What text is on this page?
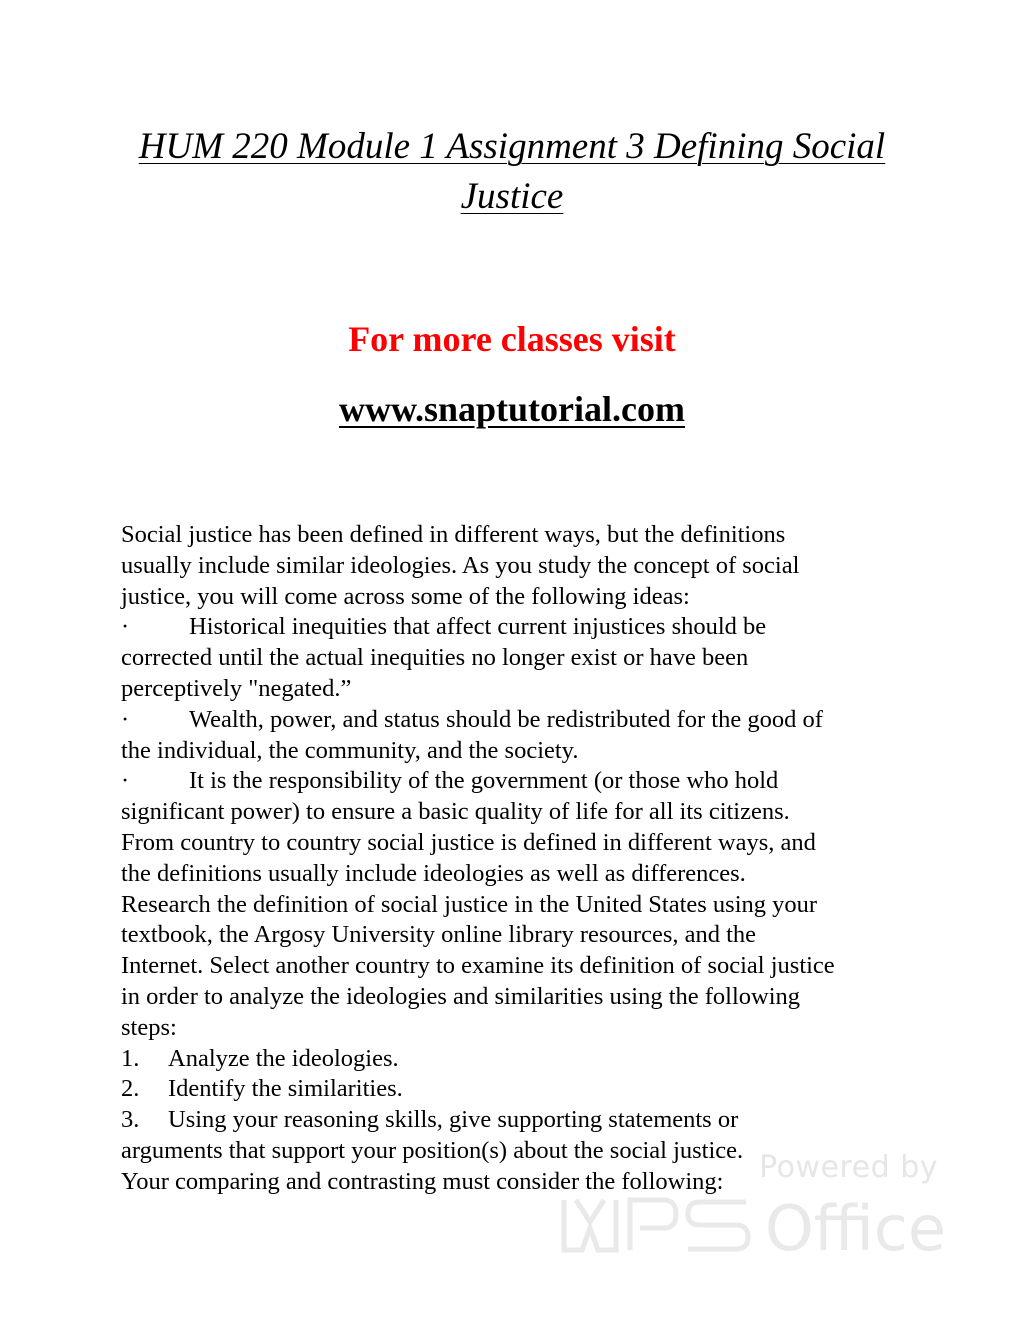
HUM 220 Module 1 Assignment 3 Defining Social Justice

For more classes visit

www.snaptutorial.com

Social justice has been defined in different ways, but the definitions
usually include similar ideologies. As you study the concept of social
justice, you will come across some of the following ideas:
· Historical inequities that affect current injustices should be
corrected until the actual inequities no longer exist or have been
perceptively "negated.”
· Wealth, power, and status should be redistributed for the good of
the individual, the community, and the society.
· It is the responsibility of the government (or those who hold
significant power) to ensure a basic quality of life for all its citizens.
From country to country social justice is defined in different ways, and
the definitions usually include ideologies as well as differences.
Research the definition of social justice in the United States using your
textbook, the Argosy University online library resources, and the
Internet. Select another country to examine its definition of social justice
in order to analyze the ideologies and similarities using the following
steps:
1. Analyze the ideologies.
2. Identify the similarities.
3. Using your reasoning skills, give supporting statements or
arguments that support your position(s) about the social justice.
Your comparing and contrasting must consider the following:	Powered by
Office
